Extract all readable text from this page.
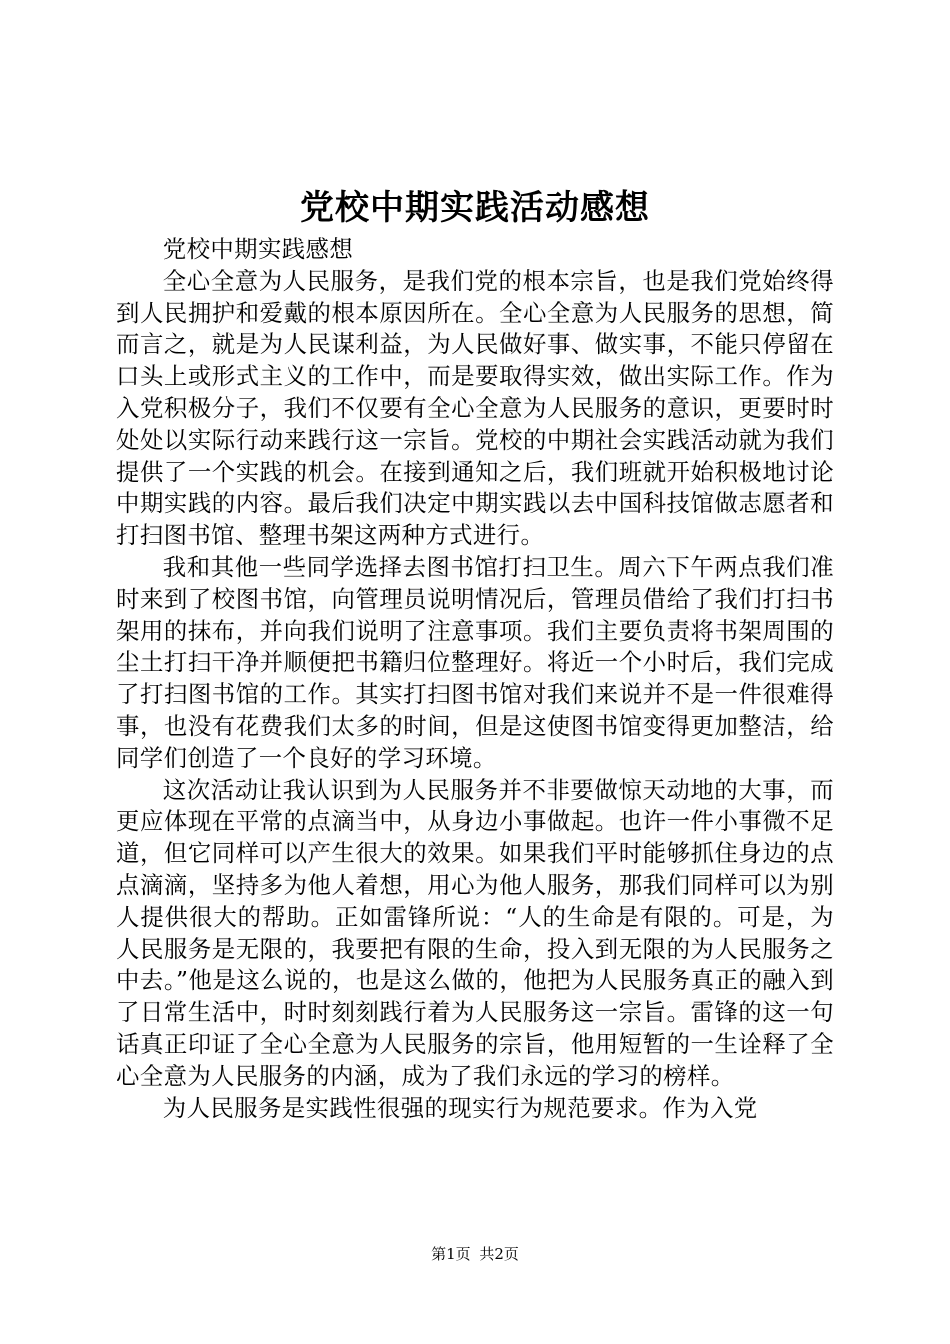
党校中期实践活动感想

党校中期实践感想

全心全意为人民服务，是我们党的根本宗旨，也是我们党始终得到人民拥护和爱戴的根本原因所在。全心全意为人民服务的思想，简而言之，就是为人民谋利益，为人民做好事、做实事，不能只停留在口头上或形式主义的工作中，而是要取得实效，做出实际工作。作为入党积极分子，我们不仅要有全心全意为人民服务的意识，更要时时处处以实际行动来践行这一宗旨。党校的中期社会实践活动就为我们提供了一个实践的机会。在接到通知之后，我们班就开始积极地讨论中期实践的内容。最后我们决定中期实践以去中国科技馆做志愿者和打扫图书馆、整理书架这两种方式进行。

我和其他一些同学选择去图书馆打扫卫生。周六下午两点我们准时来到了校图书馆，向管理员说明情况后，管理员借给了我们打扫书架用的抹布，并向我们说明了注意事项。我们主要负责将书架周围的尘土打扫干净并顺便把书籍归位整理好。将近一个小时后，我们完成了打扫图书馆的工作。其实打扫图书馆对我们来说并不是一件很难得事，也没有花费我们太多的时间，但是这使图书馆变得更加整洁，给同学们创造了一个良好的学习环境。

这次活动让我认识到为人民服务并不非要做惊天动地的大事，而更应体现在平常的点滴当中，从身边小事做起。也许一件小事微不足道，但它同样可以产生很大的效果。如果我们平时能够抓住身边的点点滴滴，坚持多为他人着想，用心为他人服务，那我们同样可以为别人提供很大的帮助。正如雷锋所说：“人的生命是有限的。可是，为人民服务是无限的，我要把有限的生命，投入到无限的为人民服务之中去。”他是这么说的，也是这么做的，他把为人民服务真正的融入到了日常生活中，时时刻刻践行着为人民服务这一宗旨。雷锋的这一句话真正印证了全心全意为人民服务的宗旨，他用短暂的一生诠释了全心全意为人民服务的内涵，成为了我们永远的学习的榜样。

为人民服务是实践性很强的现实行为规范要求。作为入党

第1页 共2页
